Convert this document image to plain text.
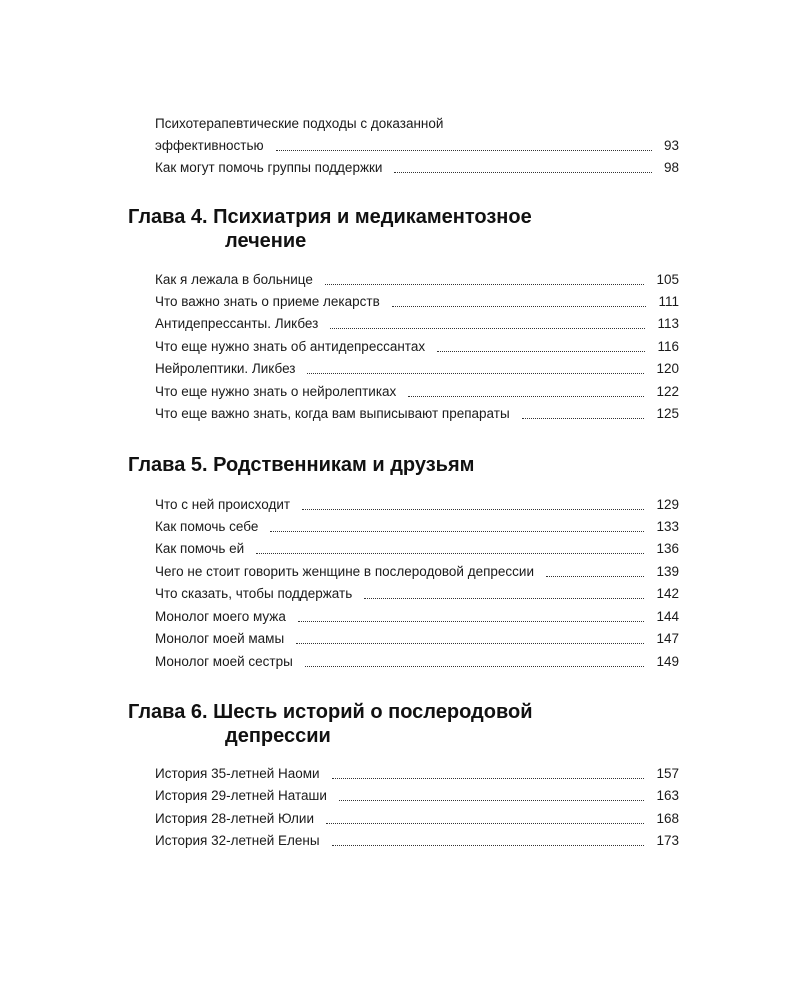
Психотерапевтические подходы с доказанной
эффективностью	93
Как могут помочь группы поддержки	98
Глава 4. Психиатрия и медикаментозное
лечение
Как я лежала в больнице	105
Что важно знать о приеме лекарств	111
Антидепрессанты. Ликбез	113
Что еще нужно знать об антидепрессантах	116
Нейролептики. Ликбез	120
Что еще нужно знать о нейролептиках	122
Что еще важно знать, когда вам выписывают препараты	125
Глава 5. Родственникам и друзьям
Что с ней происходит	129
Как помочь себе	133
Как помочь ей	136
Чего не стоит говорить женщине в послеродовой депрессии	139
Что сказать, чтобы поддержать	142
Монолог моего мужа	144
Монолог моей мамы	147
Монолог моей сестры	149
Глава 6. Шесть историй о послеродовой
депрессии
История 35-летней Наоми	157
История 29-летней Наташи	163
История 28-летней Юлии	168
История 32-летней Елены	173
